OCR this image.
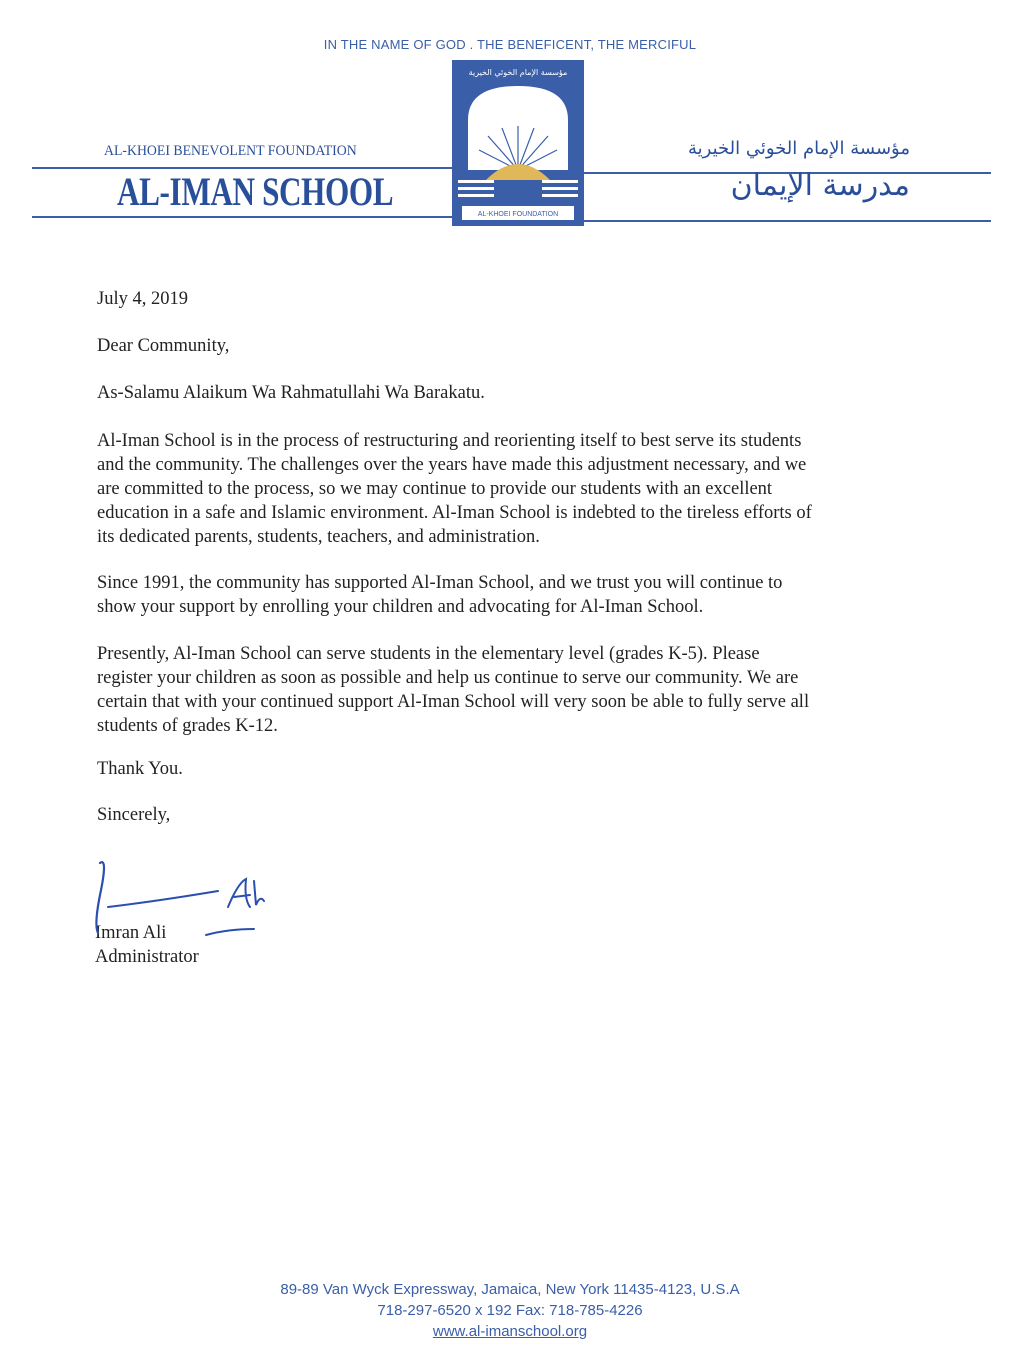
IN THE NAME OF GOD . THE BENEFICENT, THE MERCIFUL
AL-KHOEI BENEVOLENT FOUNDATION
AL-IMAN SCHOOL
مؤسسة الإمام الخوئي الخيرية
مدرسة الإيمان
مؤسسة الإمام الخوئي الخيرية
AL-KHOEI FOUNDATION
July 4, 2019
Dear Community,
As-Salamu Alaikum Wa Rahmatullahi Wa Barakatu.
Al-Iman School is in the process of restructuring and reorienting itself to best serve its students
and the community. The challenges over the years have made this adjustment necessary, and we
are committed to the process, so we may continue to provide our students with an excellent
education in a safe and Islamic environment. Al-Iman School is indebted to the tireless efforts of
its dedicated parents, students, teachers, and administration.
Since 1991, the community has supported Al-Iman School, and we trust you will continue to
show your support by enrolling your children and advocating for Al-Iman School.
Presently, Al-Iman School can serve students in the elementary level (grades K-5). Please
register your children as soon as possible and help us continue to serve our community. We are
certain that with your continued support Al-Iman School will very soon be able to fully serve all
students of grades K-12.
Thank You.
Sincerely,
Imran Ali
Administrator
89-89 Van Wyck Expressway, Jamaica, New York 11435-4123, U.S.A
718-297-6520 x 192 Fax: 718-785-4226
www.al-imanschool.org
